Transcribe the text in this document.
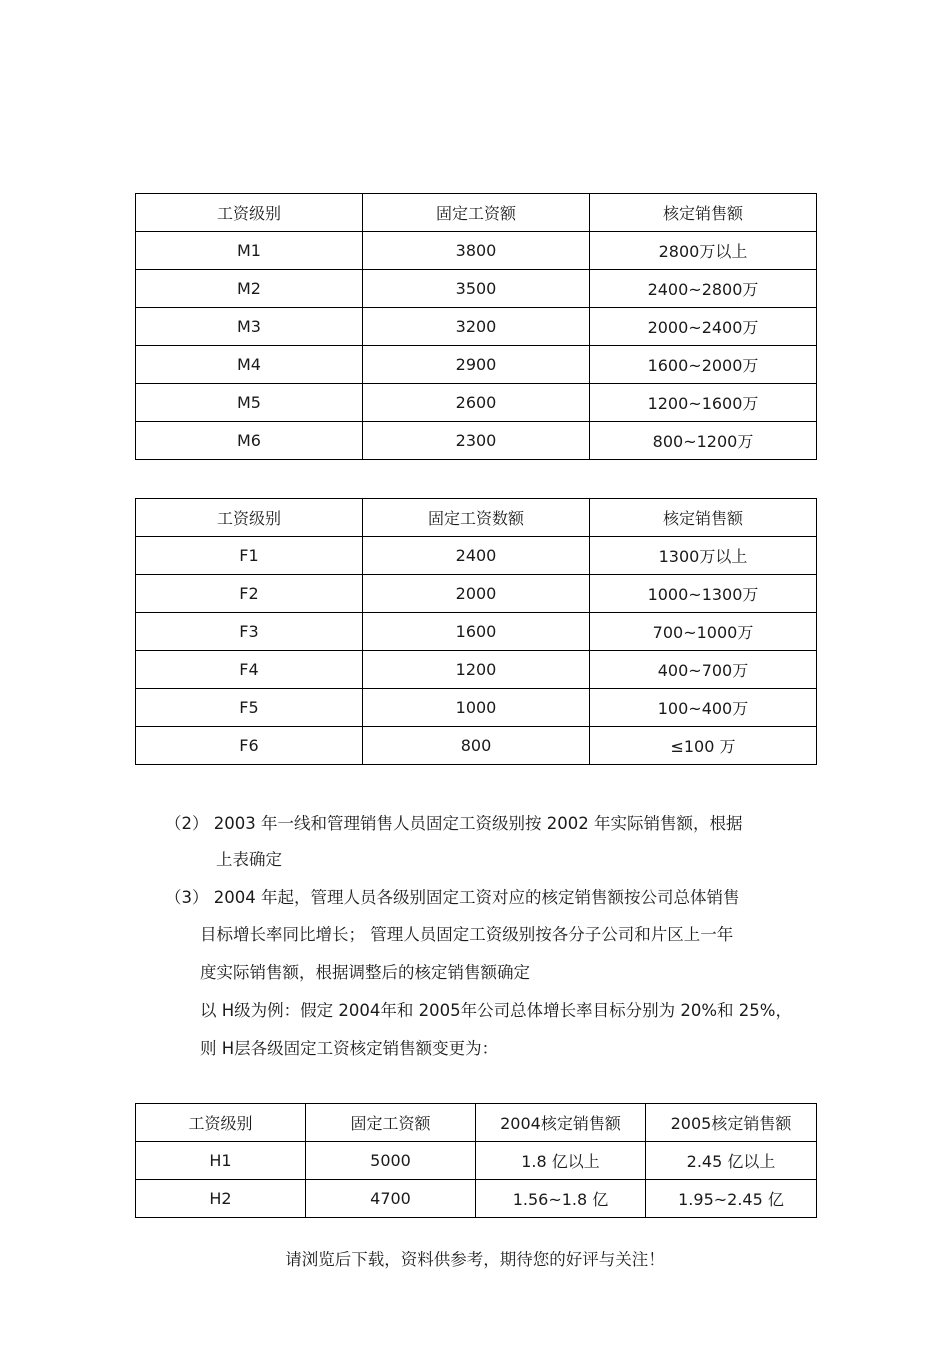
工资级别	固定工资额	核定销售额
M1	3800	2800万以上
M2	3500	2400~2800万
M3	3200	2000~2400万
M4	2900	1600~2000万
M5	2600	1200~1600万
M6	2300	800~1200万
工资级别	固定工资数额	核定销售额
F1	2400	1300万以上
F2	2000	1000~1300万
F3	1600	700~1000万
F4	1200	400~700万
F5	1000	100~400万
F6	800	≤100 万
（2） 2003 年一线和管理销售人员固定工资级别按 2002 年实际销售额，根据
上表确定
（3） 2004 年起，管理人员各级别固定工资对应的核定销售额按公司总体销售
目标增长率同比增长； 管理人员固定工资级别按各分子公司和片区上一年
度实际销售额，根据调整后的核定销售额确定
以 H级为例：假定 2004年和 2005年公司总体增长率目标分别为 20%和 25%，
则 H层各级固定工资核定销售额变更为：
工资级别	固定工资额	2004核定销售额	2005核定销售额
H1	5000	1.8 亿以上	2.45 亿以上
H2	4700	1.56~1.8 亿	1.95~2.45 亿
请浏览后下载，资料供参考，期待您的好评与关注！
